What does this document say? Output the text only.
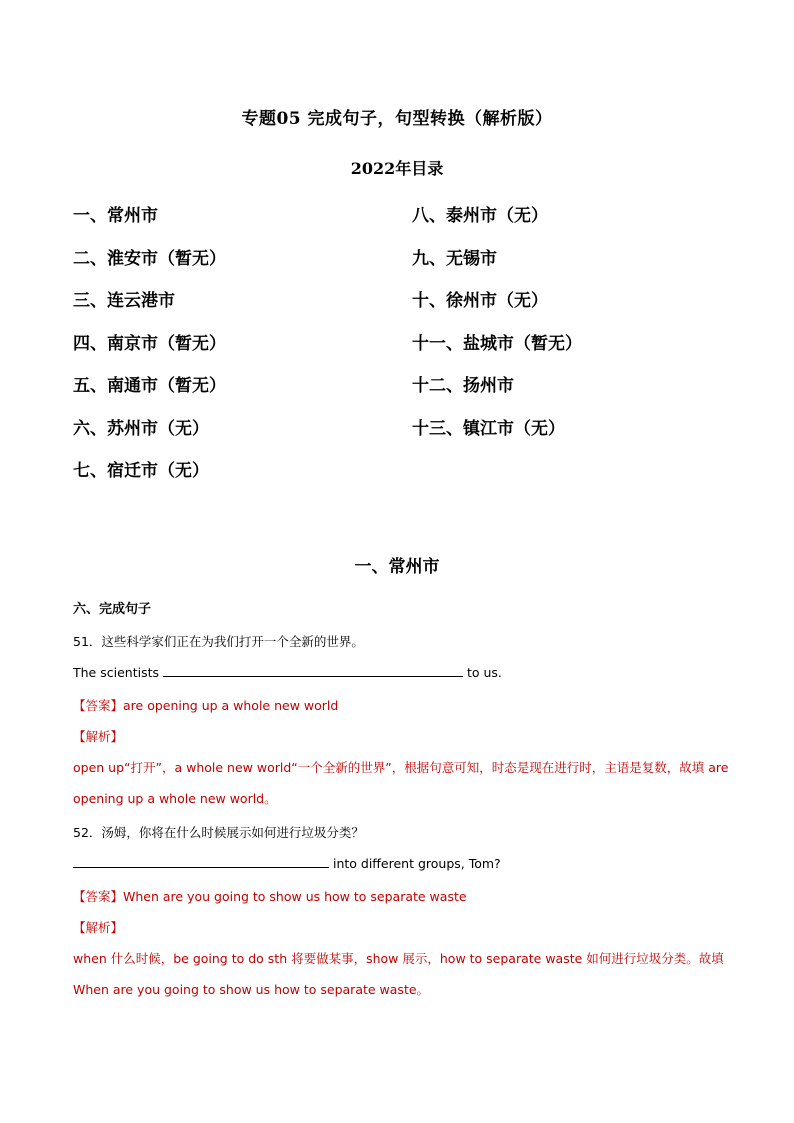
专题05 完成句子，句型转换（解析版）
2022年目录
一、常州市
二、淮安市（暂无）
三、连云港市
四、南京市（暂无）
五、南通市（暂无）
六、苏州市（无）
七、宿迁市（无）
八、泰州市（无）
九、无锡市
十、徐州市（无）
十一、盐城市（暂无）
十二、扬州市
十三、镇江市（无）
一、常州市
六、完成句子
51．这些科学家们正在为我们打开一个全新的世界。
The scientists	to us.
【答案】are opening up a whole new world
【解析】
open up“打开”，a whole new world“一个全新的世界”，根据句意可知，时态是现在进行时，主语是复数，故填 are opening up a whole new world。
52．汤姆，你将在什么时候展示如何进行垃圾分类？
into different groups, Tom?
【答案】When are you going to show us how to separate waste
【解析】
when 什么时候，be going to do sth 将要做某事，show 展示，how to separate waste 如何进行垃圾分类。故填 When are you going to show us how to separate waste。
